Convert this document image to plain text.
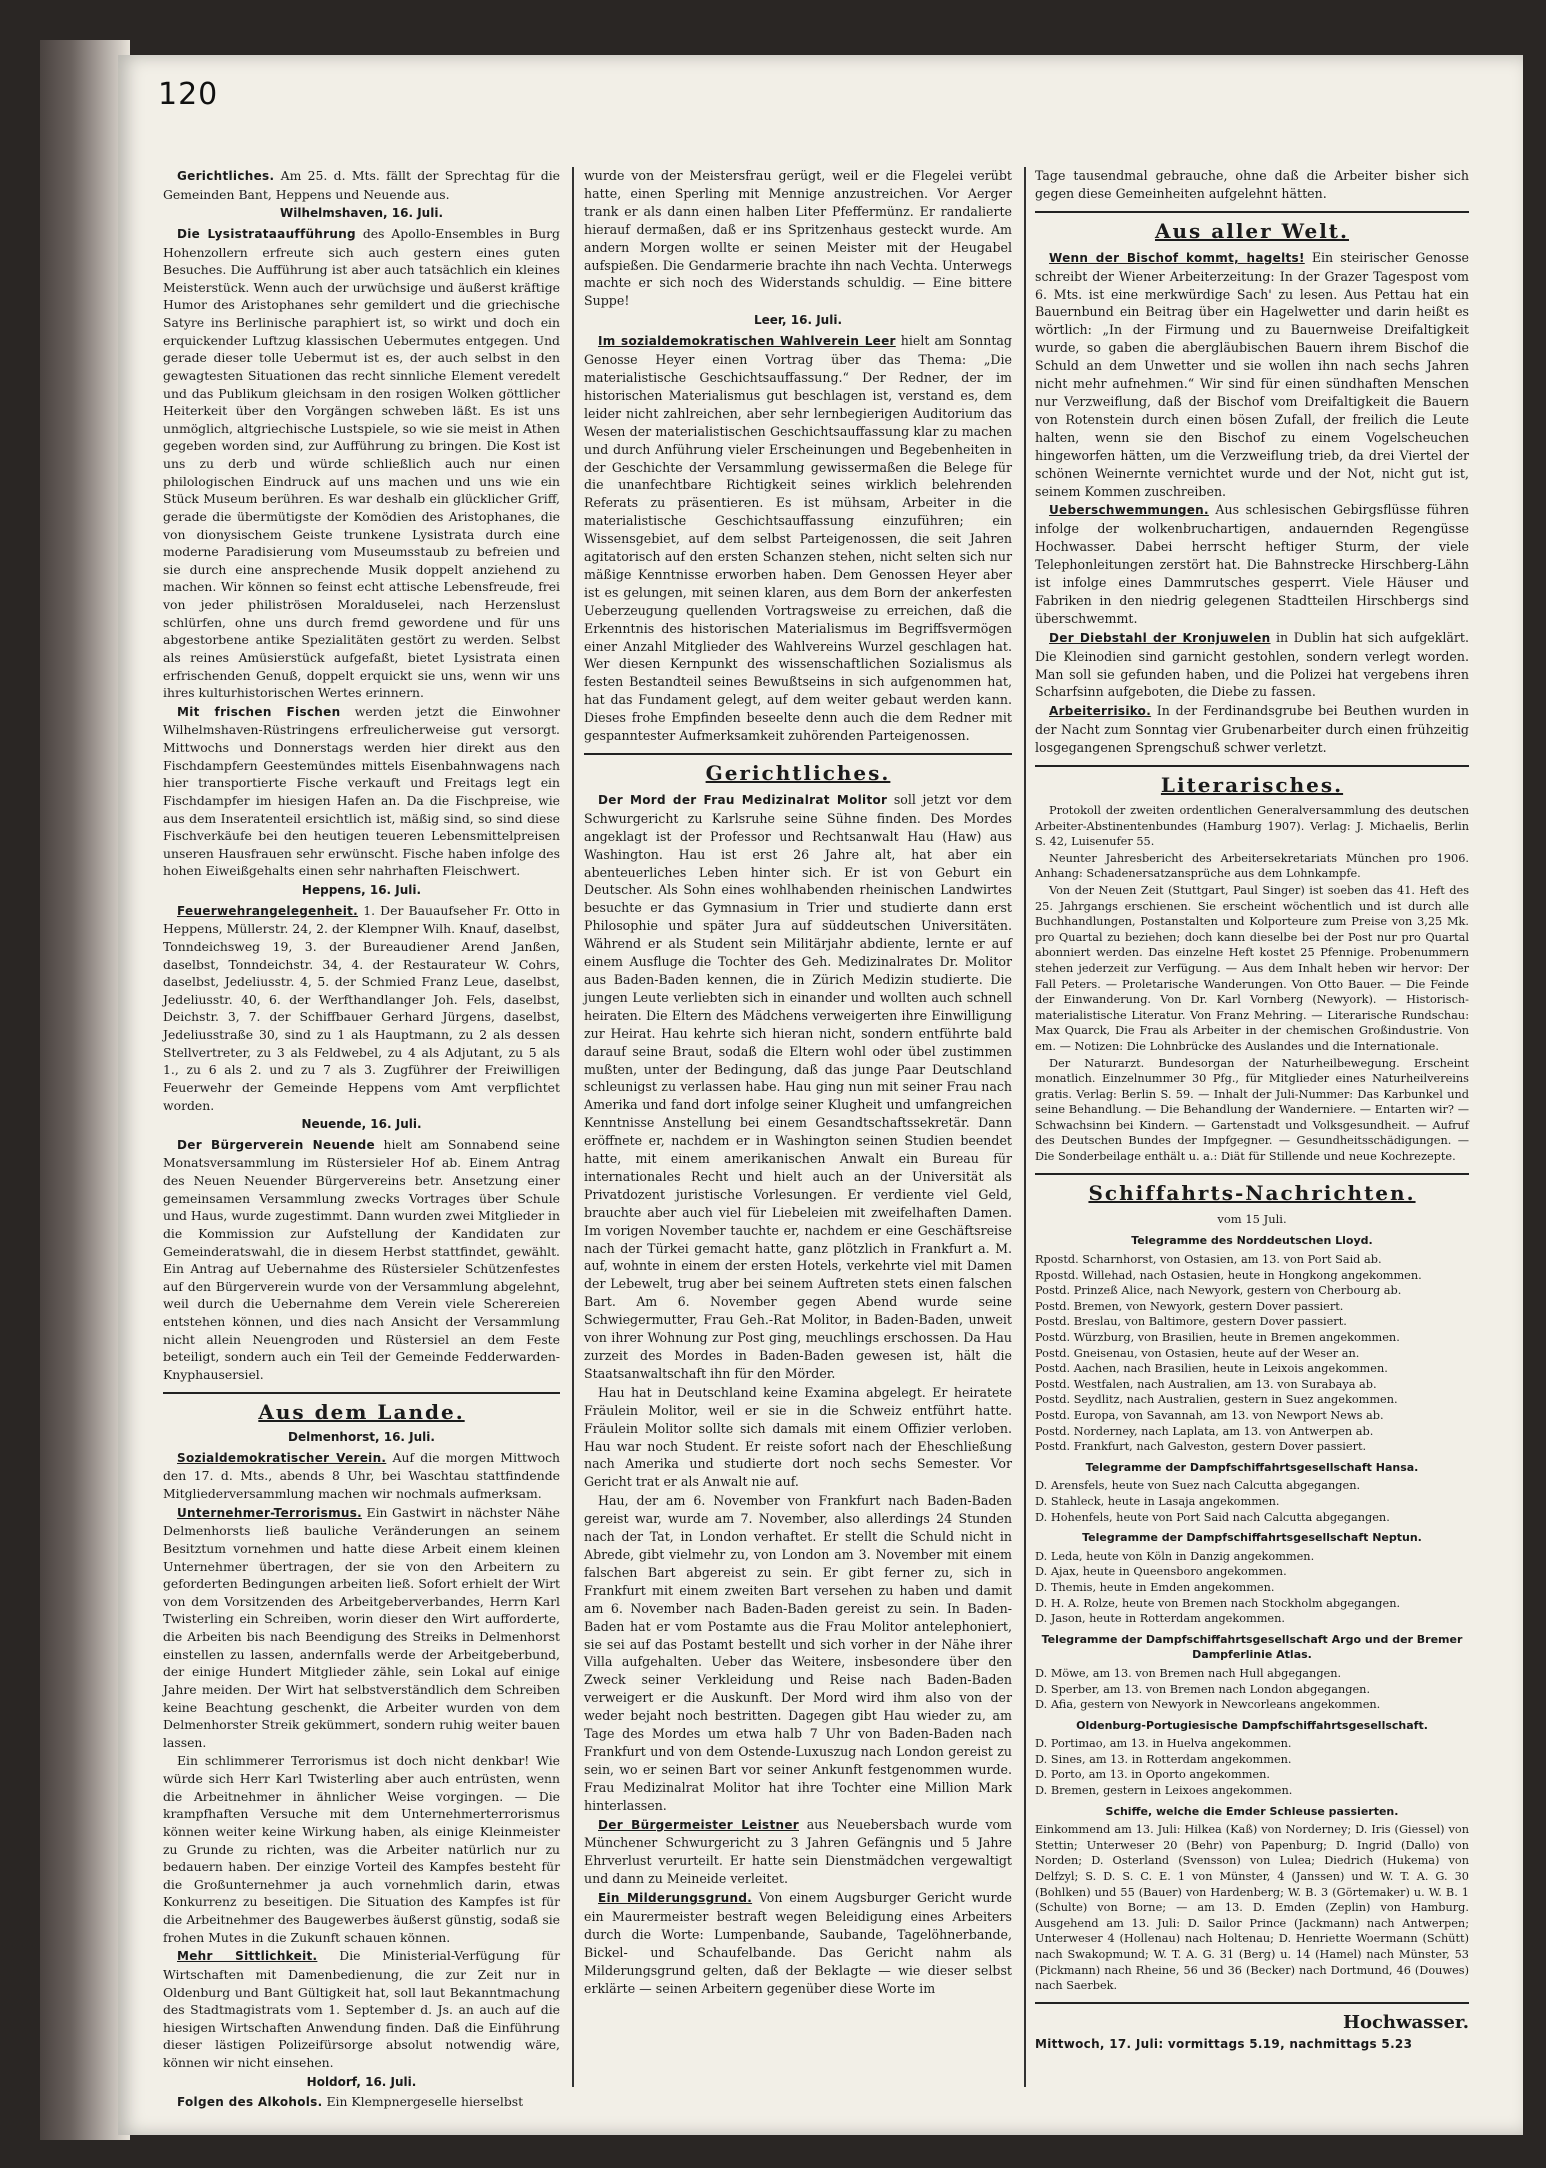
120

Gerichtliches. Am 25. d. Mts. fällt der Sprechtag für die Gemeinden Bant, Heppens und Neuende aus.

Wilhelmshaven, 16. Juli.

Die Lysistrataaufführung des Apollo-Ensembles in Burg Hohenzollern erfreute sich auch gestern eines guten Besuches. Die Aufführung ist aber auch tatsächlich ein kleines Meisterstück. Wenn auch der urwüchsige und äußerst kräftige Humor des Aristophanes sehr gemildert und die griechische Satyre ins Berlinische paraphiert ist, so wirkt und doch ein erquickender Luftzug klassischen Uebermutes entgegen. Und gerade dieser tolle Uebermut ist es, der auch selbst in den gewagtesten Situationen das recht sinnliche Element veredelt und das Publikum gleichsam in den rosigen Wolken göttlicher Heiterkeit über den Vorgängen schweben läßt. Es ist uns unmöglich, altgriechische Lustspiele, so wie sie meist in Athen gegeben worden sind, zur Aufführung zu bringen. Die Kost ist uns zu derb und würde schließlich auch nur einen philologischen Eindruck auf uns machen und uns wie ein Stück Museum berühren. Es war deshalb ein glücklicher Griff, gerade die übermütigste der Komödien des Aristophanes, die von dionysischem Geiste trunkene Lysistrata durch eine moderne Paradisierung vom Museumsstaub zu befreien und sie durch eine ansprechende Musik doppelt anziehend zu machen. Wir können so feinst echt attische Lebensfreude, frei von jeder philiströsen Moralduselei, nach Herzenslust schlürfen, ohne uns durch fremd gewordene und für uns abgestorbene antike Spezialitäten gestört zu werden. Selbst als reines Amüsierstück aufgefaßt, bietet Lysistrata einen erfrischenden Genuß, doppelt erquickt sie uns, wenn wir uns ihres kulturhistorischen Wertes erinnern.

Mit frischen Fischen werden jetzt die Einwohner Wilhelmshaven-Rüstringens erfreulicherweise gut versorgt. Mittwochs und Donnerstags werden hier direkt aus den Fischdampfern Geestemündes mittels Eisenbahnwagens nach hier transportierte Fische verkauft und Freitags legt ein Fischdampfer im hiesigen Hafen an. Da die Fischpreise, wie aus dem Inseratenteil ersichtlich ist, mäßig sind, so sind diese Fischverkäufe bei den heutigen teueren Lebensmittelpreisen unseren Hausfrauen sehr erwünscht. Fische haben infolge des hohen Eiweißgehalts einen sehr nahrhaften Fleischwert.

Heppens, 16. Juli.

Feuerwehrangelegenheit. 1. Der Bauaufseher Fr. Otto in Heppens, Müllerstr. 24, 2. der Klempner Wilh. Knauf, daselbst, Tonndeichsweg 19, 3. der Bureaudiener Arend Janßen, daselbst, Tonndeichstr. 34, 4. der Restaurateur W. Cohrs, daselbst, Jedeliusstr. 4, 5. der Schmied Franz Leue, daselbst, Jedeliusstr. 40, 6. der Werfthandlanger Joh. Fels, daselbst, Deichstr. 3, 7. der Schiffbauer Gerhard Jürgens, daselbst, Jedeliusstraße 30, sind zu 1 als Hauptmann, zu 2 als dessen Stellvertreter, zu 3 als Feldwebel, zu 4 als Adjutant, zu 5 als 1., zu 6 als 2. und zu 7 als 3. Zugführer der Freiwilligen Feuerwehr der Gemeinde Heppens vom Amt verpflichtet worden.

Neuende, 16. Juli.

Der Bürgerverein Neuende hielt am Sonnabend seine Monatsversammlung im Rüstersieler Hof ab. Einem Antrag des Neuen Neuender Bürgervereins betr. Ansetzung einer gemeinsamen Versammlung zwecks Vortrages über Schule und Haus, wurde zugestimmt. Dann wurden zwei Mitglieder in die Kommission zur Aufstellung der Kandidaten zur Gemeinderatswahl, die in diesem Herbst stattfindet, gewählt. Ein Antrag auf Uebernahme des Rüstersieler Schützenfestes auf den Bürgerverein wurde von der Versammlung abgelehnt, weil durch die Uebernahme dem Verein viele Scherereien entstehen können, und dies nach Ansicht der Versammlung nicht allein Neuengroden und Rüstersiel an dem Feste beteiligt, sondern auch ein Teil der Gemeinde Fedderwarden-Knyphausersiel.

Aus dem Lande.

Delmenhorst, 16. Juli.

Sozialdemokratischer Verein. Auf die morgen Mittwoch den 17. d. Mts., abends 8 Uhr, bei Waschtau stattfindende Mitgliederversammlung machen wir nochmals aufmerksam.

Unternehmer-Terrorismus. Ein Gastwirt in nächster Nähe Delmenhorsts ließ bauliche Veränderungen an seinem Besitztum vornehmen und hatte diese Arbeit einem kleinen Unternehmer übertragen, der sie von den Arbeitern zu geforderten Bedingungen arbeiten ließ. Sofort erhielt der Wirt von dem Vorsitzenden des Arbeitgeberverbandes, Herrn Karl Twisterling ein Schreiben, worin dieser den Wirt aufforderte, die Arbeiten bis nach Beendigung des Streiks in Delmenhorst einstellen zu lassen, andernfalls werde der Arbeitgeberbund, der einige Hundert Mitglieder zähle, sein Lokal auf einige Jahre meiden. Der Wirt hat selbstverständlich dem Schreiben keine Beachtung geschenkt, die Arbeiter wurden von dem Delmenhorster Streik gekümmert, sondern ruhig weiter bauen lassen.

Ein schlimmerer Terrorismus ist doch nicht denkbar! Wie würde sich Herr Karl Twisterling aber auch entrüsten, wenn die Arbeitnehmer in ähnlicher Weise vorgingen. — Die krampfhaften Versuche mit dem Unternehmerterrorismus können weiter keine Wirkung haben, als einige Kleinmeister zu Grunde zu richten, was die Arbeiter natürlich nur zu bedauern haben. Der einzige Vorteil des Kampfes besteht für die Großunternehmer ja auch vornehmlich darin, etwas Konkurrenz zu beseitigen. Die Situation des Kampfes ist für die Arbeitnehmer des Baugewerbes äußerst günstig, sodaß sie frohen Mutes in die Zukunft schauen können.

Mehr Sittlichkeit. Die Ministerial-Verfügung für Wirtschaften mit Damenbedienung, die zur Zeit nur in Oldenburg und Bant Gültigkeit hat, soll laut Bekanntmachung des Stadtmagistrats vom 1. September d. Js. an auch auf die hiesigen Wirtschaften Anwendung finden. Daß die Einführung dieser lästigen Polizeifürsorge absolut notwendig wäre, können wir nicht einsehen.

Holdorf, 16. Juli.

Folgen des Alkohols. Ein Klempnergeselle hierselbst

wurde von der Meistersfrau gerügt, weil er die Flegelei verübt hatte, einen Sperling mit Mennige anzustreichen. Vor Aerger trank er als dann einen halben Liter Pfeffermünz. Er randalierte hierauf dermaßen, daß er ins Spritzenhaus gesteckt wurde. Am andern Morgen wollte er seinen Meister mit der Heugabel aufspießen. Die Gendarmerie brachte ihn nach Vechta. Unterwegs machte er sich noch des Widerstands schuldig. — Eine bittere Suppe!

Leer, 16. Juli.

Im sozialdemokratischen Wahlverein Leer hielt am Sonntag Genosse Heyer einen Vortrag über das Thema: „Die materialistische Geschichtsauffassung.“ Der Redner, der im historischen Materialismus gut beschlagen ist, verstand es, dem leider nicht zahlreichen, aber sehr lernbegierigen Auditorium das Wesen der materialistischen Geschichtsauffassung klar zu machen und durch Anführung vieler Erscheinungen und Begebenheiten in der Geschichte der Versammlung gewissermaßen die Belege für die unanfechtbare Richtigkeit seines wirklich belehrenden Referats zu präsentieren. Es ist mühsam, Arbeiter in die materialistische Geschichtsauffassung einzuführen; ein Wissensgebiet, auf dem selbst Parteigenossen, die seit Jahren agitatorisch auf den ersten Schanzen stehen, nicht selten sich nur mäßige Kenntnisse erworben haben. Dem Genossen Heyer aber ist es gelungen, mit seinen klaren, aus dem Born der ankerfesten Ueberzeugung quellenden Vortragsweise zu erreichen, daß die Erkenntnis des historischen Materialismus im Begriffsvermögen einer Anzahl Mitglieder des Wahlvereins Wurzel geschlagen hat. Wer diesen Kernpunkt des wissenschaftlichen Sozialismus als festen Bestandteil seines Bewußtseins in sich aufgenommen hat, hat das Fundament gelegt, auf dem weiter gebaut werden kann. Dieses frohe Empfinden beseelte denn auch die dem Redner mit gespanntester Aufmerksamkeit zuhörenden Parteigenossen.

Gerichtliches.

Der Mord der Frau Medizinalrat Molitor soll jetzt vor dem Schwurgericht zu Karlsruhe seine Sühne finden. Des Mordes angeklagt ist der Professor und Rechtsanwalt Hau (Haw) aus Washington. Hau ist erst 26 Jahre alt, hat aber ein abenteuerliches Leben hinter sich. Er ist von Geburt ein Deutscher. Als Sohn eines wohlhabenden rheinischen Landwirtes besuchte er das Gymnasium in Trier und studierte dann erst Philosophie und später Jura auf süddeutschen Universitäten. Während er als Student sein Militärjahr abdiente, lernte er auf einem Ausfluge die Tochter des Geh. Medizinalrates Dr. Molitor aus Baden-Baden kennen, die in Zürich Medizin studierte. Die jungen Leute verliebten sich in einander und wollten auch schnell heiraten. Die Eltern des Mädchens verweigerten ihre Einwilligung zur Heirat. Hau kehrte sich hieran nicht, sondern entführte bald darauf seine Braut, sodaß die Eltern wohl oder übel zustimmen mußten, unter der Bedingung, daß das junge Paar Deutschland schleunigst zu verlassen habe. Hau ging nun mit seiner Frau nach Amerika und fand dort infolge seiner Klugheit und umfangreichen Kenntnisse Anstellung bei einem Gesandtschaftssekretär. Dann eröffnete er, nachdem er in Washington seinen Studien beendet hatte, mit einem amerikanischen Anwalt ein Bureau für internationales Recht und hielt auch an der Universität als Privatdozent juristische Vorlesungen. Er verdiente viel Geld, brauchte aber auch viel für Liebeleien mit zweifelhaften Damen. Im vorigen November tauchte er, nachdem er eine Geschäftsreise nach der Türkei gemacht hatte, ganz plötzlich in Frankfurt a. M. auf, wohnte in einem der ersten Hotels, verkehrte viel mit Damen der Lebewelt, trug aber bei seinem Auftreten stets einen falschen Bart. Am 6. November gegen Abend wurde seine Schwiegermutter, Frau Geh.-Rat Molitor, in Baden-Baden, unweit von ihrer Wohnung zur Post ging, meuchlings erschossen. Da Hau zurzeit des Mordes in Baden-Baden gewesen ist, hält die Staatsanwaltschaft ihn für den Mörder.

Hau hat in Deutschland keine Examina abgelegt. Er heiratete Fräulein Molitor, weil er sie in die Schweiz entführt hatte. Fräulein Molitor sollte sich damals mit einem Offizier verloben. Hau war noch Student. Er reiste sofort nach der Eheschließung nach Amerika und studierte dort noch sechs Semester. Vor Gericht trat er als Anwalt nie auf.

Hau, der am 6. November von Frankfurt nach Baden-Baden gereist war, wurde am 7. November, also allerdings 24 Stunden nach der Tat, in London verhaftet. Er stellt die Schuld nicht in Abrede, gibt vielmehr zu, von London am 3. November mit einem falschen Bart abgereist zu sein. Er gibt ferner zu, sich in Frankfurt mit einem zweiten Bart versehen zu haben und damit am 6. November nach Baden-Baden gereist zu sein. In Baden-Baden hat er vom Postamte aus die Frau Molitor antelephoniert, sie sei auf das Postamt bestellt und sich vorher in der Nähe ihrer Villa aufgehalten. Ueber das Weitere, insbesondere über den Zweck seiner Verkleidung und Reise nach Baden-Baden verweigert er die Auskunft. Der Mord wird ihm also von der weder bejaht noch bestritten. Dagegen gibt Hau wieder zu, am Tage des Mordes um etwa halb 7 Uhr von Baden-Baden nach Frankfurt und von dem Ostende-Luxuszug nach London gereist zu sein, wo er seinen Bart vor seiner Ankunft festgenommen wurde. Frau Medizinalrat Molitor hat ihre Tochter eine Million Mark hinterlassen.

Der Bürgermeister Leistner aus Neuebersbach wurde vom Münchener Schwurgericht zu 3 Jahren Gefängnis und 5 Jahre Ehrverlust verurteilt. Er hatte sein Dienstmädchen vergewaltigt und dann zu Meineide verleitet.

Ein Milderungsgrund. Von einem Augsburger Gericht wurde ein Maurermeister bestraft wegen Beleidigung eines Arbeiters durch die Worte: Lumpenbande, Saubande, Tagelöhnerbande, Bickel- und Schaufelbande. Das Gericht nahm als Milderungsgrund gelten, daß der Beklagte — wie dieser selbst erklärte — seinen Arbeitern gegenüber diese Worte im

Tage tausendmal gebrauche, ohne daß die Arbeiter bisher sich gegen diese Gemeinheiten aufgelehnt hätten.

Aus aller Welt.

Wenn der Bischof kommt, hagelts! Ein steirischer Genosse schreibt der Wiener Arbeiterzeitung: In der Grazer Tagespost vom 6. Mts. ist eine merkwürdige Sach' zu lesen. Aus Pettau hat ein Bauernbund ein Beitrag über ein Hagelwetter und darin heißt es wörtlich: „In der Firmung und zu Bauernweise Dreifaltigkeit wurde, so gaben die abergläubischen Bauern ihrem Bischof die Schuld an dem Unwetter und sie wollen ihn nach sechs Jahren nicht mehr aufnehmen.“ Wir sind für einen sündhaften Menschen nur Verzweiflung, daß der Bischof vom Dreifaltigkeit die Bauern von Rotenstein durch einen bösen Zufall, der freilich die Leute halten, wenn sie den Bischof zu einem Vogelscheuchen hingeworfen hätten, um die Verzweiflung trieb, da drei Viertel der schönen Weinernte vernichtet wurde und der Not, nicht gut ist, seinem Kommen zuschreiben.

Ueberschwemmungen. Aus schlesischen Gebirgsflüsse führen infolge der wolkenbruchartigen, andauernden Regengüsse Hochwasser. Dabei herrscht heftiger Sturm, der viele Telephonleitungen zerstört hat. Die Bahnstrecke Hirschberg-Lähn ist infolge eines Dammrutsches gesperrt. Viele Häuser und Fabriken in den niedrig gelegenen Stadtteilen Hirschbergs sind überschwemmt.

Der Diebstahl der Kronjuwelen in Dublin hat sich aufgeklärt. Die Kleinodien sind garnicht gestohlen, sondern verlegt worden. Man soll sie gefunden haben, und die Polizei hat vergebens ihren Scharfsinn aufgeboten, die Diebe zu fassen.

Arbeiterrisiko. In der Ferdinandsgrube bei Beuthen wurden in der Nacht zum Sonntag vier Grubenarbeiter durch einen frühzeitig losgegangenen Sprengschuß schwer verletzt.

Literarisches.

Protokoll der zweiten ordentlichen Generalversammlung des deutschen Arbeiter-Abstinentenbundes (Hamburg 1907). Verlag: J. Michaelis, Berlin S. 42, Luisenufer 55.

Neunter Jahresbericht des Arbeitersekretariats München pro 1906. Anhang: Schadenersatzansprüche aus dem Lohnkampfe.

Von der Neuen Zeit (Stuttgart, Paul Singer) ist soeben das 41. Heft des 25. Jahrgangs erschienen. Sie erscheint wöchentlich und ist durch alle Buchhandlungen, Postanstalten und Kolporteure zum Preise von 3,25 Mk. pro Quartal zu beziehen; doch kann dieselbe bei der Post nur pro Quartal abonniert werden. Das einzelne Heft kostet 25 Pfennige. Probenummern stehen jederzeit zur Verfügung. — Aus dem Inhalt heben wir hervor: Der Fall Peters. — Proletarische Wanderungen. Von Otto Bauer. — Die Feinde der Einwanderung. Von Dr. Karl Vornberg (Newyork). — Historisch-materialistische Literatur. Von Franz Mehring. — Literarische Rundschau: Max Quarck, Die Frau als Arbeiter in der chemischen Großindustrie. Von em. — Notizen: Die Lohnbrücke des Auslandes und die Internationale.

Der Naturarzt. Bundesorgan der Naturheilbewegung. Erscheint monatlich. Einzelnummer 30 Pfg., für Mitglieder eines Naturheilvereins gratis. Verlag: Berlin S. 59. — Inhalt der Juli-Nummer: Das Karbunkel und seine Behandlung. — Die Behandlung der Wanderniere. — Entarten wir? — Schwachsinn bei Kindern. — Gartenstadt und Volksgesundheit. — Aufruf des Deutschen Bundes der Impfgegner. — Gesundheitsschädigungen. — Die Sonderbeilage enthält u. a.: Diät für Stillende und neue Kochrezepte.

Schiffahrts-Nachrichten.

vom 15 Juli.

Telegramme des Norddeutschen Lloyd.

Rpostd. Scharnhorst, von Ostasien, am 13. von Port Said ab.

Rpostd. Willehad, nach Ostasien, heute in Hongkong angekommen.

Postd. Prinzeß Alice, nach Newyork, gestern von Cherbourg ab.

Postd. Bremen, von Newyork, gestern Dover passiert.

Postd. Breslau, von Baltimore, gestern Dover passiert.

Postd. Würzburg, von Brasilien, heute in Bremen angekommen.

Postd. Gneisenau, von Ostasien, heute auf der Weser an.

Postd. Aachen, nach Brasilien, heute in Leixois angekommen.

Postd. Westfalen, nach Australien, am 13. von Surabaya ab.

Postd. Seydlitz, nach Australien, gestern in Suez angekommen.

Postd. Europa, von Savannah, am 13. von Newport News ab.

Postd. Norderney, nach Laplata, am 13. von Antwerpen ab.

Postd. Frankfurt, nach Galveston, gestern Dover passiert.

Telegramme der Dampfschiffahrtsgesellschaft Hansa.

D. Arensfels, heute von Suez nach Calcutta abgegangen.

D. Stahleck, heute in Lasaja angekommen.

D. Hohenfels, heute von Port Said nach Calcutta abgegangen.

Telegramme der Dampfschiffahrtsgesellschaft Neptun.

D. Leda, heute von Köln in Danzig angekommen.

D. Ajax, heute in Queensboro angekommen.

D. Themis, heute in Emden angekommen.

D. H. A. Rolze, heute von Bremen nach Stockholm abgegangen.

D. Jason, heute in Rotterdam angekommen.

Telegramme der Dampfschiffahrtsgesellschaft Argo und der Bremer Dampferlinie Atlas.

D. Möwe, am 13. von Bremen nach Hull abgegangen.

D. Sperber, am 13. von Bremen nach London abgegangen.

D. Afia, gestern von Newyork in Newcorleans angekommen.

Oldenburg-Portugiesische Dampfschiffahrtsgesellschaft.

D. Portimao, am 13. in Huelva angekommen.

D. Sines, am 13. in Rotterdam angekommen.

D. Porto, am 13. in Oporto angekommen.

D. Bremen, gestern in Leixoes angekommen.

Schiffe, welche die Emder Schleuse passierten.

Einkommend am 13. Juli: Hilkea (Kaß) von Norderney; D. Iris (Giessel) von Stettin; Unterweser 20 (Behr) von Papenburg; D. Ingrid (Dallo) von Norden; D. Osterland (Svensson) von Lulea; Diedrich (Hukema) von Delfzyl; S. D. S. C. E. 1 von Münster, 4 (Janssen) und W. T. A. G. 30 (Bohlken) und 55 (Bauer) von Hardenberg; W. B. 3 (Görtemaker) u. W. B. 1 (Schulte) von Borne; — am 13. D. Emden (Zeplin) von Hamburg. Ausgehend am 13. Juli: D. Sailor Prince (Jackmann) nach Antwerpen; Unterweser 4 (Hollenau) nach Holtenau; D. Henriette Woermann (Schütt) nach Swakopmund; W. T. A. G. 31 (Berg) u. 14 (Hamel) nach Münster, 53 (Pickmann) nach Rheine, 56 und 36 (Becker) nach Dortmund, 46 (Douwes) nach Saerbek.

Hochwasser.

Mittwoch, 17. Juli: vormittags 5.19, nachmittags 5.23
